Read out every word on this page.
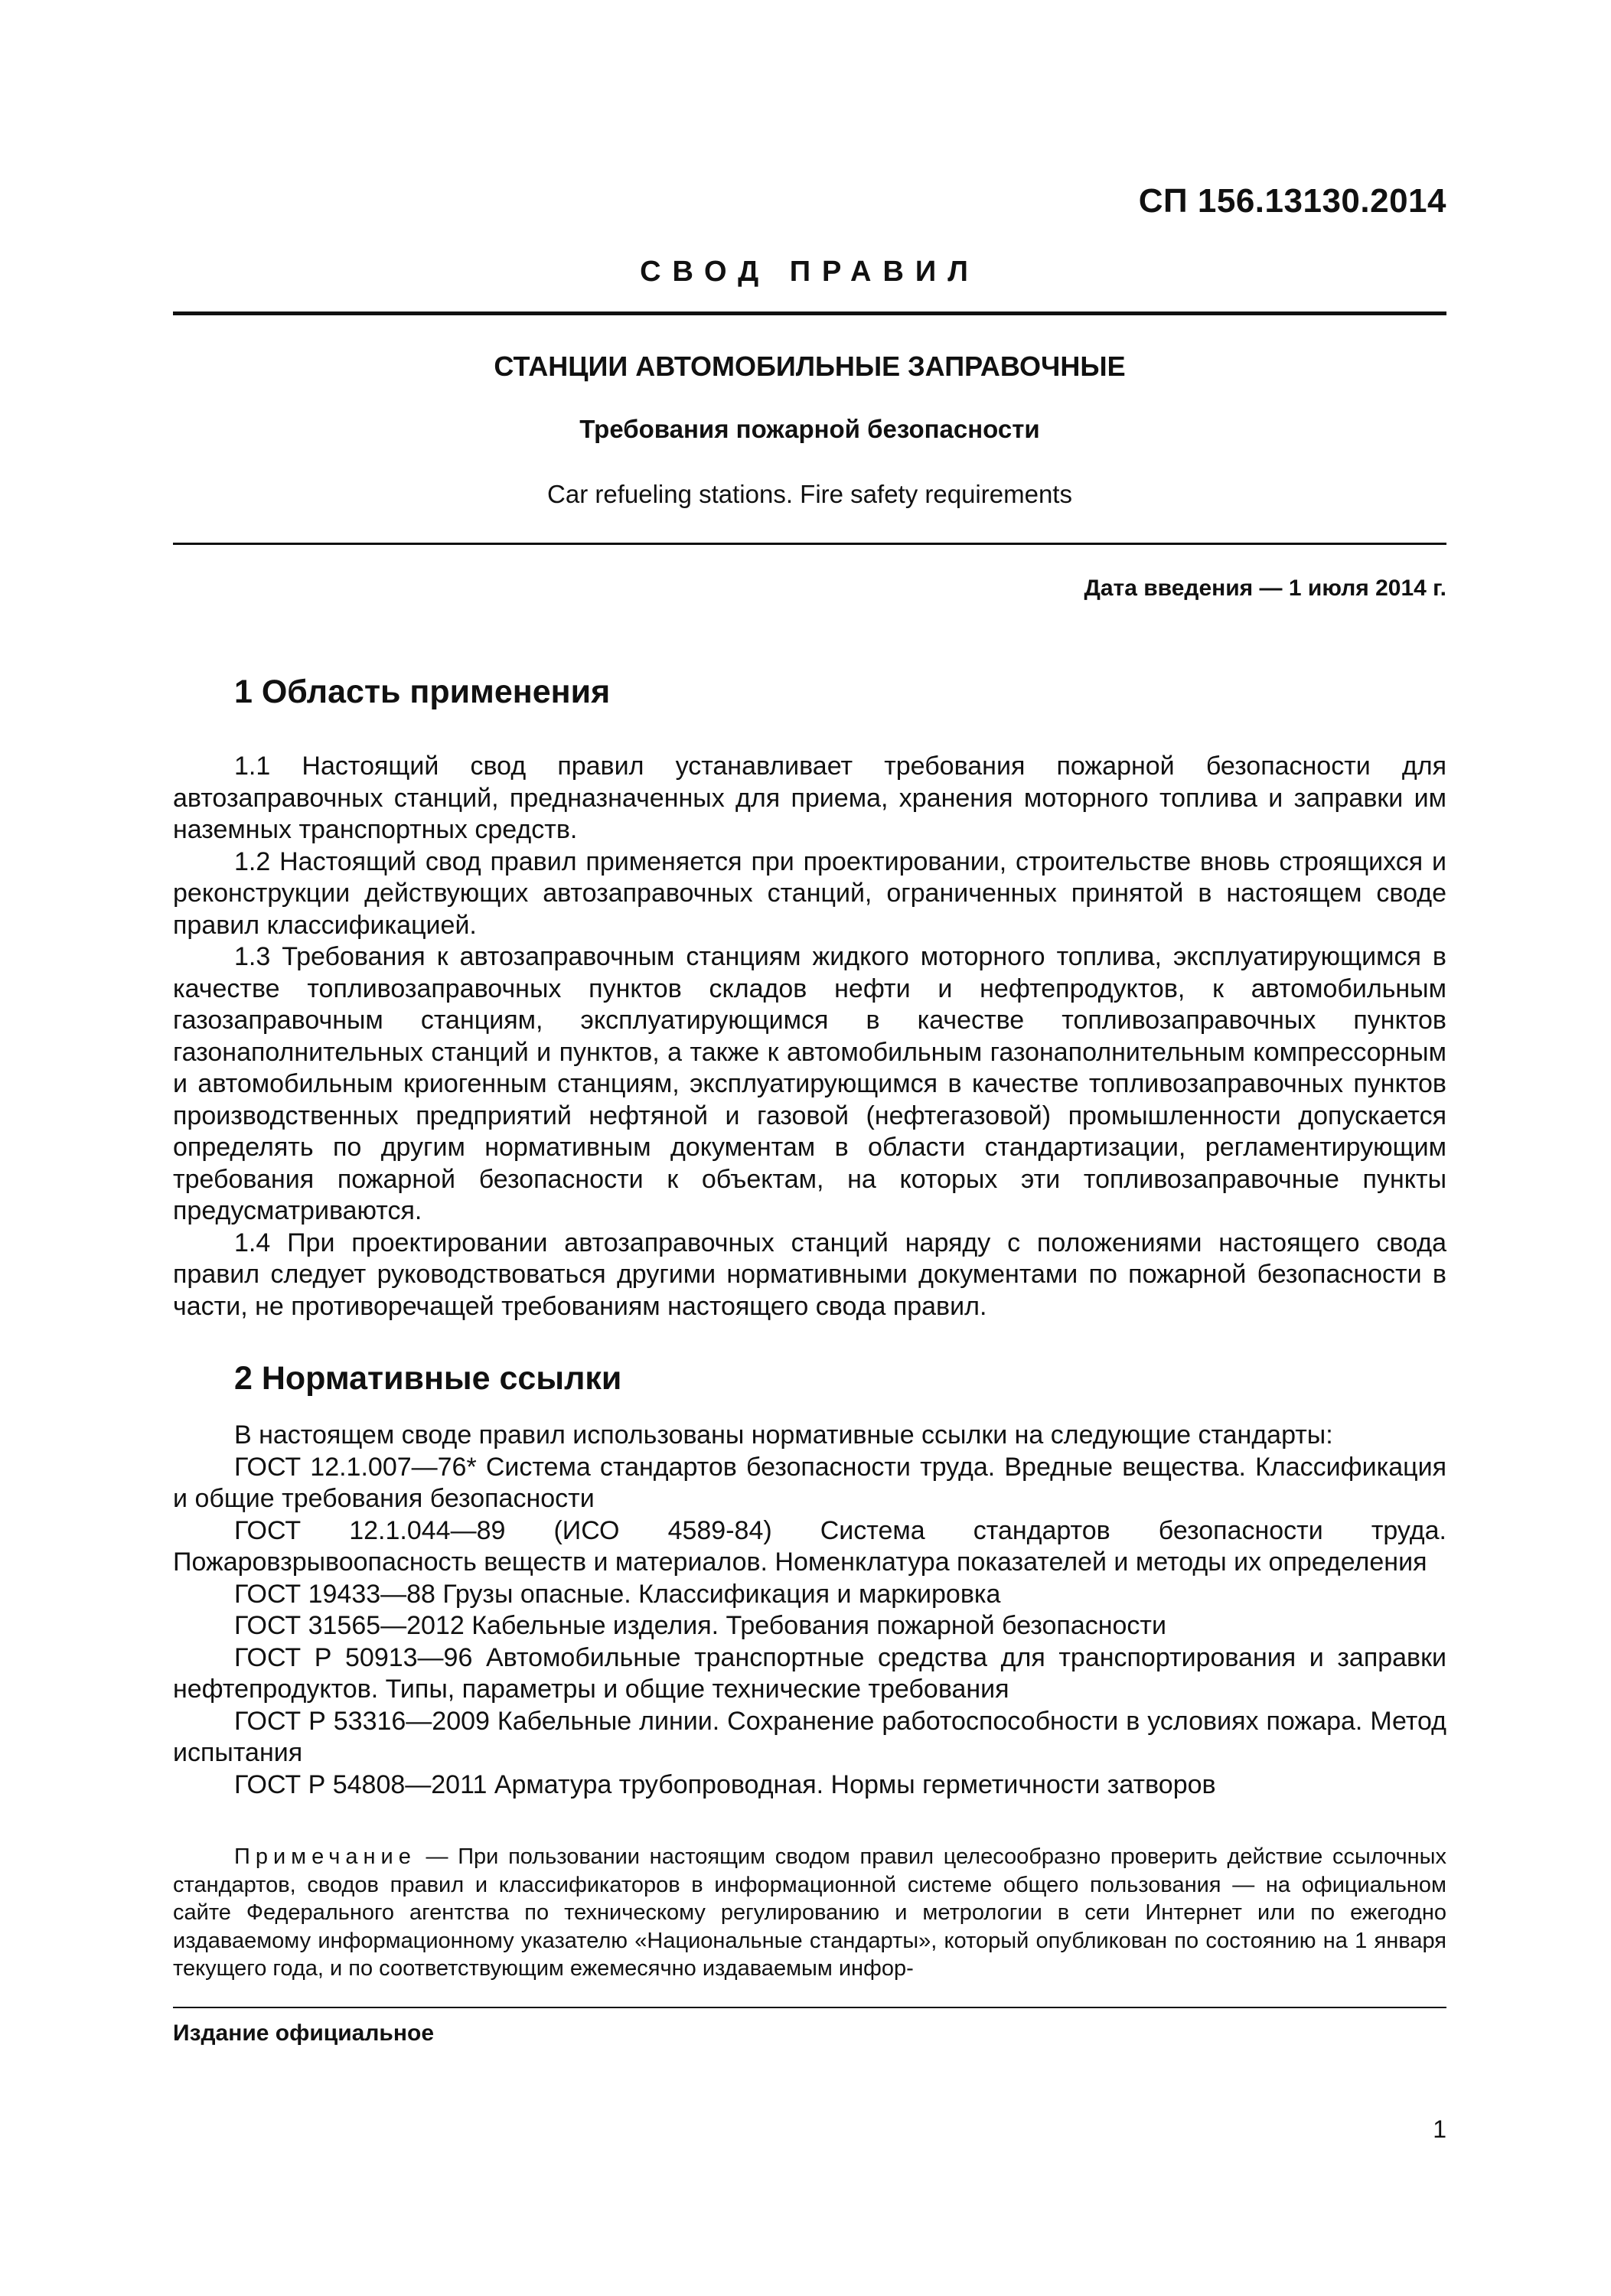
СП 156.13130.2014
СВОД ПРАВИЛ
СТАНЦИИ АВТОМОБИЛЬНЫЕ ЗАПРАВОЧНЫЕ
Требования пожарной безопасности
Car refueling stations. Fire safety requirements
Дата введения — 1 июля 2014 г.
1 Область применения

1.1 Настоящий свод правил устанавливает требования пожарной безопасности для автозаправочных станций, предназначенных для приема, хранения моторного топлива и заправки им наземных транспортных средств.

1.2 Настоящий свод правил применяется при проектировании, строительстве вновь строящихся и реконструкции действующих автозаправочных станций, ограниченных принятой в настоящем своде правил классификацией.

1.3 Требования к автозаправочным станциям жидкого моторного топлива, эксплуатирующимся в качестве топливозаправочных пунктов складов нефти и нефтепродуктов, к автомобильным газозаправочным станциям, эксплуатирующимся в качестве топливозаправочных пунктов газонаполнительных станций и пунктов, а также к автомобильным газонаполнительным компрессорным и автомобильным криогенным станциям, эксплуатирующимся в качестве топливозаправочных пунктов производственных предприятий нефтяной и газовой (нефтегазовой) промышленности допускается определять по другим нормативным документам в области стандартизации, регламентирующим требования пожарной безопасности к объектам, на которых эти топливозаправочные пункты предусматриваются.

1.4 При проектировании автозаправочных станций наряду с положениями настоящего свода правил следует руководствоваться другими нормативными документами по пожарной безопасности в части, не противоречащей требованиям настоящего свода правил.

2 Нормативные ссылки

В настоящем своде правил использованы нормативные ссылки на следующие стандарты:

ГОСТ 12.1.007—76* Система стандартов безопасности труда. Вредные вещества. Классификация и общие требования безопасности

ГОСТ 12.1.044—89 (ИСО 4589-84) Система стандартов безопасности труда. Пожаровзрывоопасность веществ и материалов. Номенклатура показателей и методы их определения

ГОСТ 19433—88 Грузы опасные. Классификация и маркировка

ГОСТ 31565—2012 Кабельные изделия. Требования пожарной безопасности

ГОСТ Р 50913—96 Автомобильные транспортные средства для транспортирования и заправки нефтепродуктов. Типы, параметры и общие технические требования

ГОСТ Р 53316—2009 Кабельные линии. Сохранение работоспособности в условиях пожара. Метод испытания

ГОСТ Р 54808—2011 Арматура трубопроводная. Нормы герметичности затворов

Примечание — При пользовании настоящим сводом правил целесообразно проверить действие ссылочных стандартов, сводов правил и классификаторов в информационной системе общего пользования — на официальном сайте Федерального агентства по техническому регулированию и метрологии в сети Интернет или по ежегодно издаваемому информационному указателю «Национальные стандарты», который опубликован по состоянию на 1 января текущего года, и по соответствующим ежемесячно издаваемым инфор-

Издание официальное
1
